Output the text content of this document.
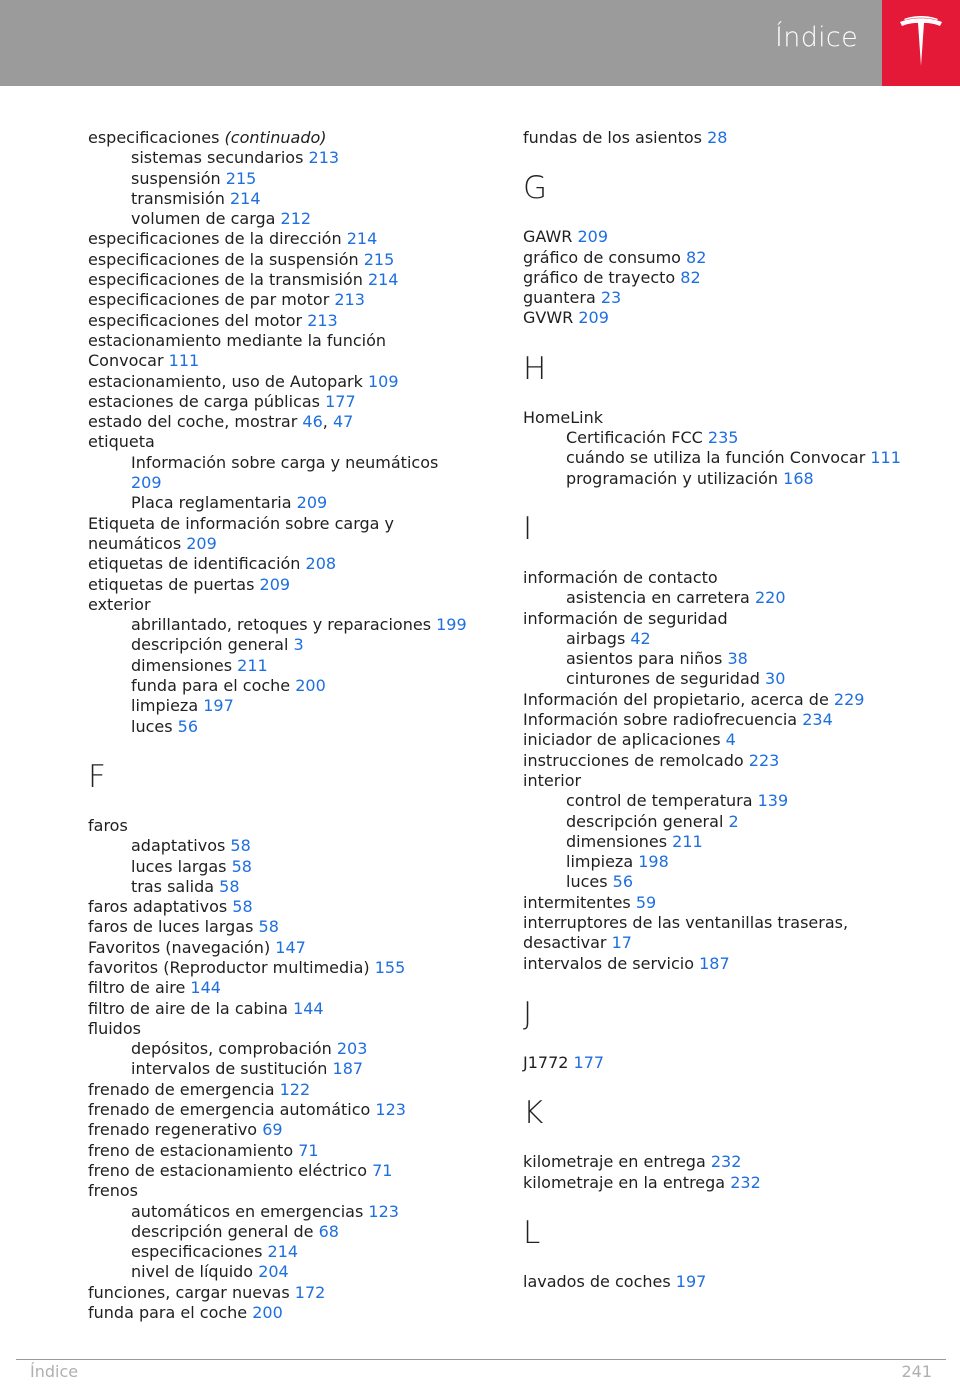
Índice
especificaciones (continuado)
sistemas secundarios 213
suspensión 215
transmisión 214
volumen de carga 212
especificaciones de la dirección 214
especificaciones de la suspensión 215
especificaciones de la transmisión 214
especificaciones de par motor 213
especificaciones del motor 213
estacionamiento mediante la función
Convocar 111
estacionamiento, uso de Autopark 109
estaciones de carga públicas 177
estado del coche, mostrar 46, 47
etiqueta
Información sobre carga y neumáticos
209
Placa reglamentaria 209
Etiqueta de información sobre carga y
neumáticos 209
etiquetas de identificación 208
etiquetas de puertas 209
exterior
abrillantado, retoques y reparaciones 199
descripción general 3
dimensiones 211
funda para el coche 200
limpieza 197
luces 56
F
faros
adaptativos 58
luces largas 58
tras salida 58
faros adaptativos 58
faros de luces largas 58
Favoritos (navegación) 147
favoritos (Reproductor multimedia) 155
filtro de aire 144
filtro de aire de la cabina 144
fluidos
depósitos, comprobación 203
intervalos de sustitución 187
frenado de emergencia 122
frenado de emergencia automático 123
frenado regenerativo 69
freno de estacionamiento 71
freno de estacionamiento eléctrico 71
frenos
automáticos en emergencias 123
descripción general de 68
especificaciones 214
nivel de líquido 204
funciones, cargar nuevas 172
funda para el coche 200
fundas de los asientos 28
G
GAWR 209
gráfico de consumo 82
gráfico de trayecto 82
guantera 23
GVWR 209
H
HomeLink
Certificación FCC 235
cuándo se utiliza la función Convocar 111
programación y utilización 168
I
información de contacto
asistencia en carretera 220
información de seguridad
airbags 42
asientos para niños 38
cinturones de seguridad 30
Información del propietario, acerca de 229
Información sobre radiofrecuencia 234
iniciador de aplicaciones 4
instrucciones de remolcado 223
interior
control de temperatura 139
descripción general 2
dimensiones 211
limpieza 198
luces 56
intermitentes 59
interruptores de las ventanillas traseras,
desactivar 17
intervalos de servicio 187
J
J1772 177
K
kilometraje en entrega 232
kilometraje en la entrega 232
L
lavados de coches 197
Índice	241
